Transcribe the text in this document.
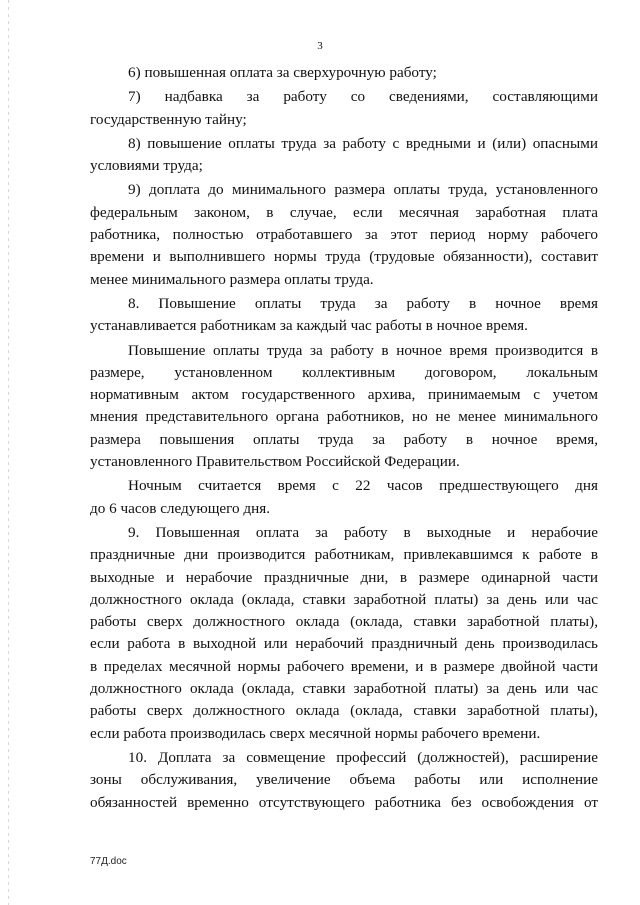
3
6) повышенная оплата за сверхурочную работу;
7) надбавка за работу со сведениями, составляющими
государственную тайну;
8) повышение оплаты труда за работу с вредными и (или) опасными
условиями труда;
9) доплата до минимального размера оплаты труда, установленного
федеральным законом, в случае, если месячная заработная плата
работника, полностью отработавшего за этот период норму рабочего
времени и выполнившего нормы труда (трудовые обязанности), составит
менее минимального размера оплаты труда.
8. Повышение оплаты труда за работу в ночное время
устанавливается работникам за каждый час работы в ночное время.
Повышение оплаты труда за работу в ночное время производится в
размере, установленном коллективным договором, локальным
нормативным актом государственного архива, принимаемым с учетом
мнения представительного органа работников, но не менее минимального
размера повышения оплаты труда за работу в ночное время,
установленного Правительством Российской Федерации.
Ночным считается время с 22 часов предшествующего дня
до 6 часов следующего дня.
9. Повышенная оплата за работу в выходные и нерабочие
праздничные дни производится работникам, привлекавшимся к работе в
выходные и нерабочие праздничные дни, в размере одинарной части
должностного оклада (оклада, ставки заработной платы) за день или час
работы сверх должностного оклада (оклада, ставки заработной платы),
если работа в выходной или нерабочий праздничный день производилась
в пределах месячной нормы рабочего времени, и в размере двойной части
должностного оклада (оклада, ставки заработной платы) за день или час
работы сверх должностного оклада (оклада, ставки заработной платы),
если работа производилась сверх месячной нормы рабочего времени.
10. Доплата за совмещение профессий (должностей), расширение
зоны обслуживания, увеличение объема работы или исполнение
обязанностей временно отсутствующего работника без освобождения от
77Д.doc
